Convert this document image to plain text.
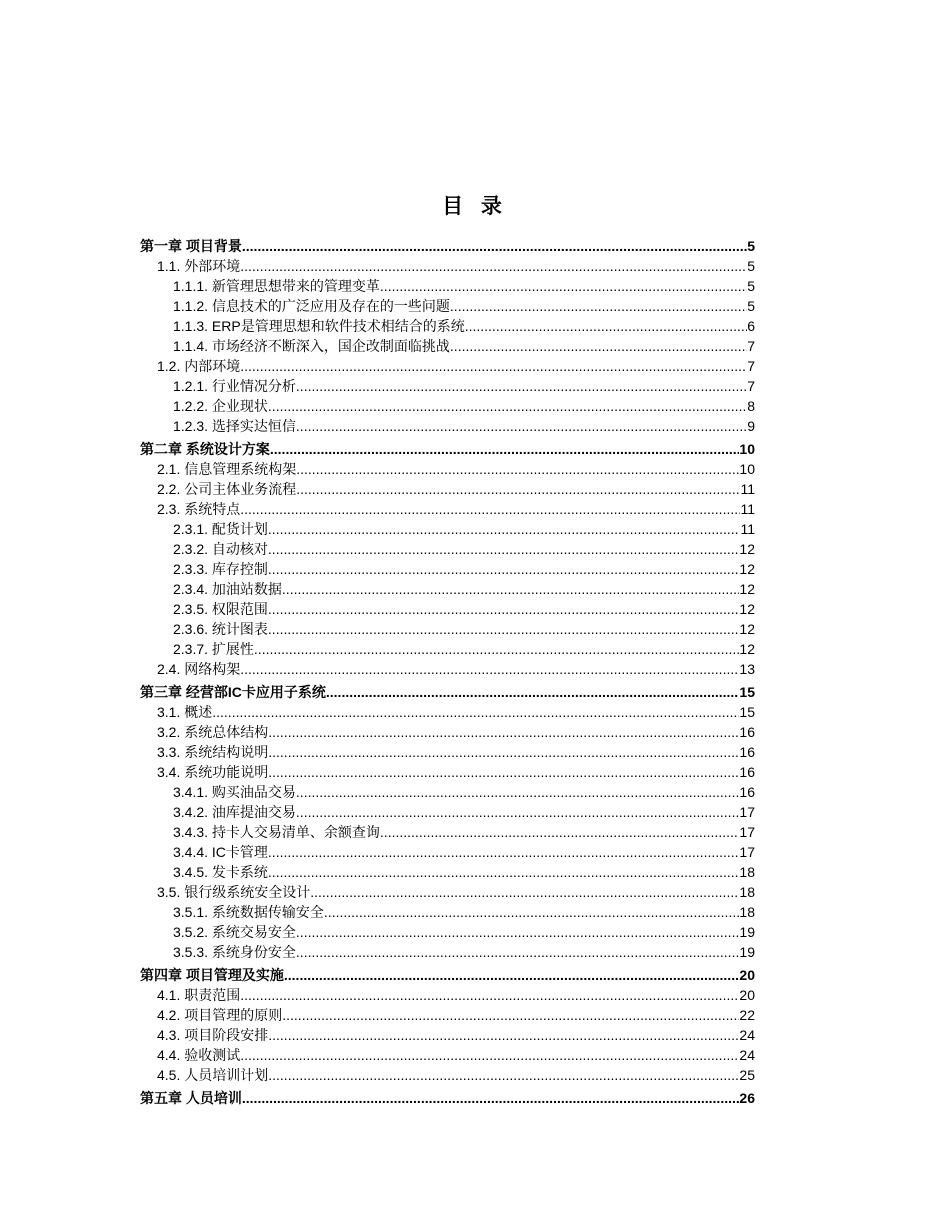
目 录
第一章 项目背景 .....	5
1.1. 外部环境 .....	5
1.1.1. 新管理思想带来的管理变革 .....	5
1.1.2. 信息技术的广泛应用及存在的一些问题 .....	5
1.1.3. ERP是管理思想和软件技术相结合的系统 .....	6
1.1.4. 市场经济不断深入，国企改制面临挑战 .....	7
1.2. 内部环境 .....	7
1.2.1. 行业情况分析 .....	7
1.2.2. 企业现状 .....	8
1.2.3. 选择实达恒信 .....	9
第二章 系统设计方案 .....	10
2.1. 信息管理系统构架 .....	10
2.2. 公司主体业务流程 .....	11
2.3. 系统特点 .....	11
2.3.1. 配货计划 .....	11
2.3.2. 自动核对 .....	12
2.3.3. 库存控制 .....	12
2.3.4. 加油站数据 .....	12
2.3.5. 权限范围 .....	12
2.3.6. 统计图表 .....	12
2.3.7. 扩展性 .....	12
2.4. 网络构架 .....	13
第三章 经营部IC卡应用子系统 .....	15
3.1. 概述 .....	15
3.2. 系统总体结构 .....	16
3.3. 系统结构说明 .....	16
3.4. 系统功能说明 .....	16
3.4.1. 购买油品交易 .....	16
3.4.2. 油库提油交易 .....	17
3.4.3. 持卡人交易清单、余额查询 .....	17
3.4.4. IC卡管理 .....	17
3.4.5. 发卡系统 .....	18
3.5. 银行级系统安全设计 .....	18
3.5.1. 系统数据传输安全 .....	18
3.5.2. 系统交易安全 .....	19
3.5.3. 系统身份安全 .....	19
第四章 项目管理及实施 .....	20
4.1. 职责范围 .....	20
4.2. 项目管理的原则 .....	22
4.3. 项目阶段安排 .....	24
4.4. 验收测试 .....	24
4.5. 人员培训计划 .....	25
第五章 人员培训 .....	26
